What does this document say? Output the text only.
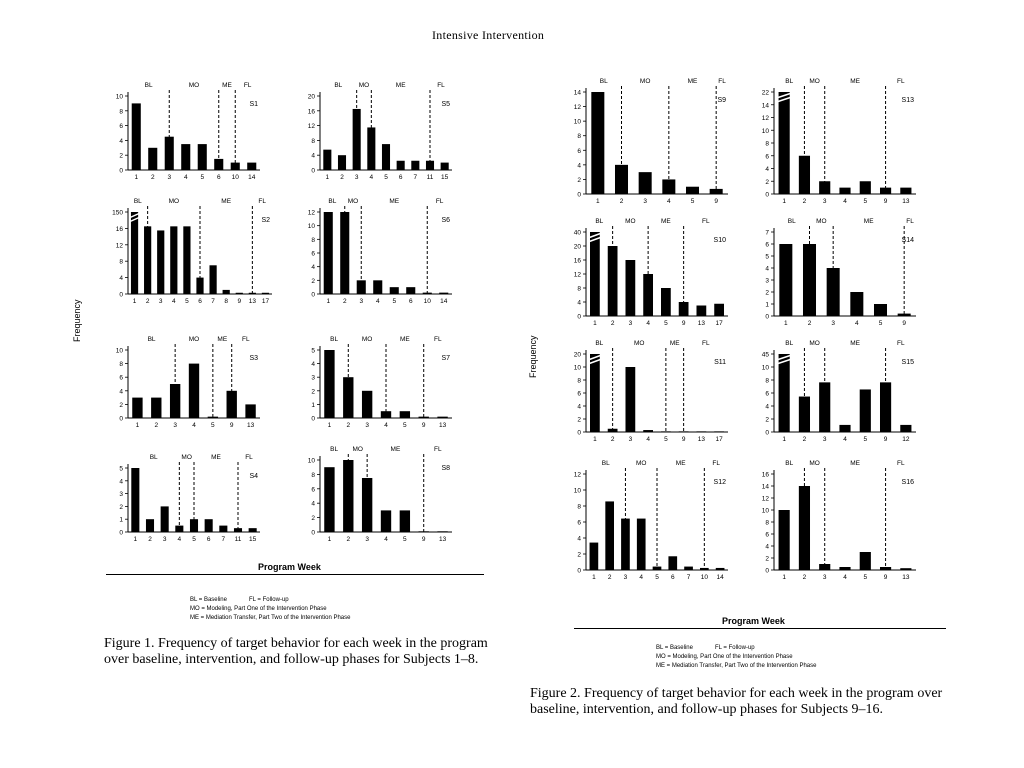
Intensive Intervention
Frequency
Program Week
BL = Baseline	FL = Follow-up
MO = Modeling, Part One of the Intervention Phase
ME = Mediation Transfer, Part Two of the Intervention Phase
Figure 1. Frequency of target behavior for each week in the program over baseline, intervention, and follow-up phases for Subjects 1–8.
Frequency
Program Week
BL = Baseline	FL = Follow-up
MO = Modeling, Part One of the Intervention Phase
ME = Mediation Transfer, Part Two of the Intervention Phase
Figure 2. Frequency of target behavior for each week in the program over baseline, intervention, and follow-up phases for Subjects 9–16.
0
2
4
6
8
10
1 2 3 4 5 6 10 14
BL	MO	ME FL
S1
0
4
8
12
16
20
1 2 3 4 5 6 7 11 15
BL	MO	ME	FL
S5
0
4
8
12
16
150
1 2 3 4 5 6 7 8 9 13 17
BL	MO	ME	FL
S2
0
2
4
6
8
10
12
1 2 3 4 5 6 10 14
BL MO	ME	FL
S6
0
2
4
6
8
10
1 2 3 4 5 9 13
BL	MO	ME FL
S3
0
1
2
3
4
5
1 2 3 4 5 9 13
BL	MO	ME	FL
S7
0
1
2
3
4
5
1 2 3 4 5 6 7 11 15
BL	MO	ME	FL
S4
0
2
4
6
8
10
1 2 3 4 5 9 13
BL MO	ME	FL
S8
0
2
4
6
8
10
12
14
1	2	3	4	5	9
BL	MO	ME	FL
S9
0
2
4
6
8
10
12
14
22
1	2	3	4	5	9 13
BL MO	ME	FL
S13
0
4
8
12
16
20
40
1 2 3 4 5 9 13 17
BL	MO	ME	FL
S10
0
1
2
3
4
5
6
7
1	2	3	4	5	9
BL	MO	ME	FL
S14
0
2
4
6
8
10
20
1 2 3 4 5 9 13 17
BL	MO	ME	FL
S11
0
2
4
6
8
10
45
1	2	3	4	5	9 12
BL MO	ME	FL
S15
0
2
4
6
8
10
12
1 2 3 4 5 6 7 10 14
BL	MO	ME	FL
S12
0
2
4
6
8
10
12
14
16
1	2	3	4	5	9 13
BL MO	ME	FL
S16
